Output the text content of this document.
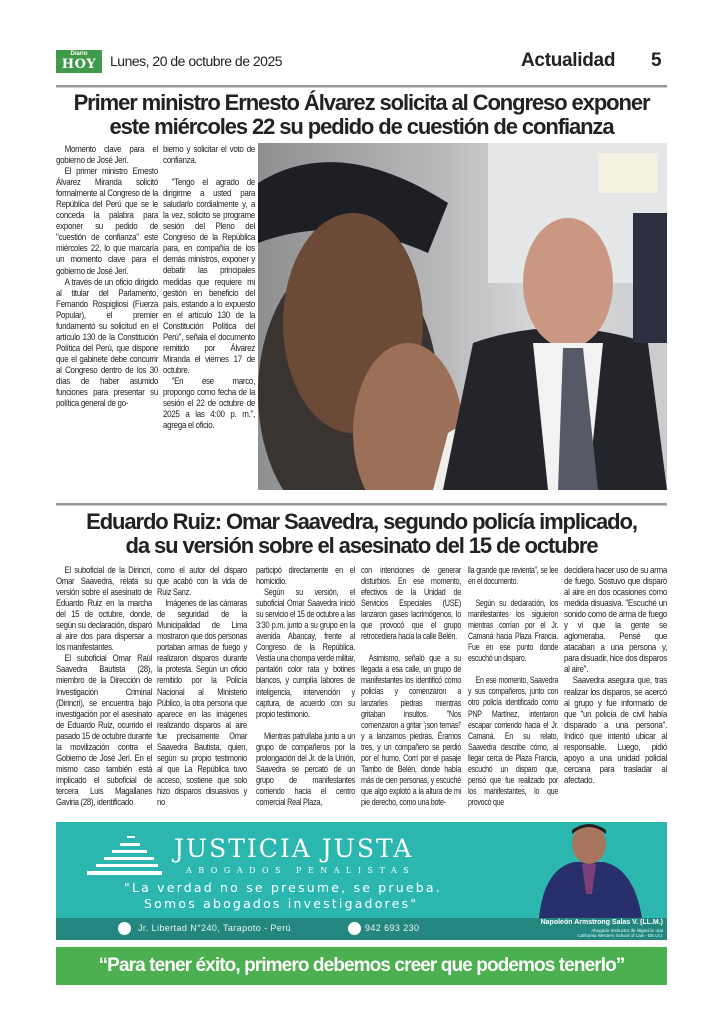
Diario
HOY Lunes, 20 de octubre de 2025	Actualidad 5
Primer ministro Ernesto Álvarez solicita al Congreso exponer
este miércoles 22 su pedido de cuestión de confianza

Momento clave para el gobierno de José Jerí.

El primer ministro Ernesto Álvarez Miranda solicitó formalmente al Congreso de la República del Perú que se le conceda la palabra para exponer su pedido de "cuestión de confianza" este miércoles 22, lo que marcaría un momento clave para el gobierno de José Jerí.

A través de un oficio dirigido al titular del Parlamento, Fernando Rospigliosi (Fuerza Popular), el premier fundamentó su solicitud en el artículo 130 de la Constitución Política del Perú, que dispone que el gabinete debe concurrir al Congreso dentro de los 30 días de haber asumido funciones para presentar su política general de go-

bierno y solicitar el voto de confianza.

"Tengo el agrado de dirigirme a usted para saludarlo cordialmente y, a la vez, solicito se programe sesión del Pleno del Congreso de la República para, en compañía de los demás ministros, exponer y debatir las principales medidas que requiere mi gestión en beneficio del país, estando a lo expuesto en el artículo 130 de la Constitución Política del Perú", señala el documento remitido por Álvarez Miranda el viernes 17 de octubre.

"En ese marco, propongo como fecha de la sesión el 22 de octubre de 2025 a las 4:00 p. m.", agrega el oficio.

Eduardo Ruiz: Omar Saavedra, segundo policía implicado,
da su versión sobre el asesinato del 15 de octubre

El suboficial de la Dirincri, Omar Saavedra, relata su versión sobre el asesinato de Eduardo Ruiz en la marcha del 15 de octubre, donde, según su declaración, disparó al aire dos para dispersar a los manifestantes.

El suboficial Omar Raúl Saavedra Bautista (28), miembro de la Dirección de Investigación Criminal (Dirincri), se encuentra bajo investigación por el asesinato de Eduardo Ruiz, ocurrido el pasado 15 de octubre durante la movilización contra el Gobierno de José Jerí. En el mismo caso también está implicado el suboficial de tercera Luis Magallanes Gaviria (28), identificado

como el autor del disparo que acabó con la vida de Ruiz Sanz.

Imágenes de las cámaras de seguridad de la Municipalidad de Lima mostraron que dos personas portaban armas de fuego y realizaron disparos durante la protesta. Según un oficio remitido por la Policía Nacional al Ministerio Público, la otra persona que aparece en las imágenes realizando disparos al aire fue precisamente Omar Saavedra Bautista, quien, según su propio testimonio al que La República tuvo acceso, sostiene que solo hizo disparos disuasivos y no

participó directamente en el homicidio.

Según su versión, el suboficial Omar Saavedra inició su servicio el 15 de octubre a las 3:30 p.m. junto a su grupo en la avenida Abancay, frente al Congreso de la República. Vestía una chompa verde militar, pantalón color rata y botines blancos, y cumplía labores de inteligencia, intervención y captura, de acuerdo con su propio testimonio.

Mientras patrullaba junto a un grupo de compañeros por la prolongación del Jr. de la Unión, Saavedra se percató de un grupo de manifestantes corriendo hacia el centro comercial Real Plaza,

con intenciones de generar disturbios. En ese momento, efectivos de la Unidad de Servicios Especiales (USE) lanzaron gases lacrimógenos, lo que provocó que el grupo retrocediera hacia la calle Belén.

Asimismo, señaló que a su llegada a esa calle, un grupo de manifestantes los identificó como policías y comenzaron a lanzarles piedras mientras gritaban insultos. "Nos comenzaron a gritar '¡son ternas!' y a lanzarnos piedras. Éramos tres, y un compañero se perdió por el humo. Corrí por el pasaje Tambo de Belén, donde había más de cien personas, y escuché que algo explotó a la altura de mi pie derecho, como una bote-

lla grande que revienta", se lee en el documento.

Según su declaración, los manifestantes los siguieron mientras corrían por el Jr. Camaná hacia Plaza Francia. Fue en ese punto donde escuchó un disparo.

En ese momento, Saavedra y sus compañeros, junto con otro policía identificado como PNP Martínez, intentaron escapar corriendo hacia el Jr. Camaná. En su relato, Saavedra describe cómo, al llegar cerca de Plaza Francia, escuchó un disparo que, pensó que fue realizado por los manifestantes, lo que provocó que

decidiera hacer uso de su arma de fuego. Sostuvo que disparó al aire en dos ocasiones como medida disuasiva. "Escuché un sonido como de arma de fuego y vi que la gente se aglomeraba. Pensé que atacaban a una persona y, para disuadir, hice dos disparos al aire".

Saavedra asegura que, tras realizar los disparos, se acercó al grupo y fue informado de que "un policía de civil había disparado a una persona". Indicó que intentó ubicar al responsable. Luego, pidió apoyo a una unidad policial cercana para trasladar al afectado.

JUSTICIA JUSTA
ABOGADOS PENALISTAS
"La verdad no se presume, se prueba.
Somos abogados investigadores"
Jr. Libertad N°240, Tarapoto - Perú	942 693 230
Napoleón Armstrong Salas V. (LL.M.)
Abogado Instructor de litigación oral
California Western School of Law - EE.UU.
“Para tener éxito, primero debemos creer que podemos tenerlo”
